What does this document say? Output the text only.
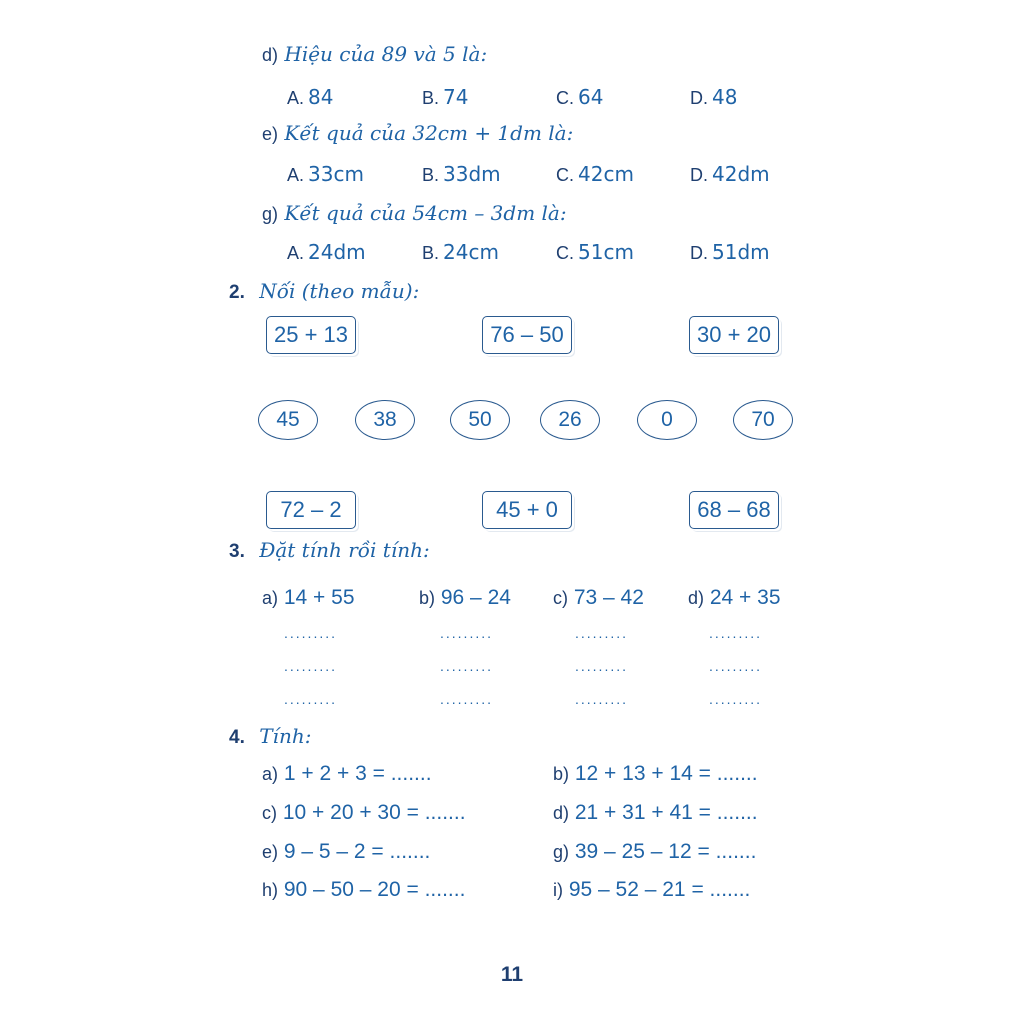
d) Hiệu của 89 và 5 là:
A. 84	B. 74	C. 64	D. 48
e) Kết quả của 32cm + 1dm là:
A. 33cm	B. 33dm	C. 42cm	D. 42dm
g) Kết quả của 54cm – 3dm là:
A. 24dm	B. 24cm	C. 51cm	D. 51dm
2. Nối (theo mẫu):
25 + 13	76 – 50	30 + 20
45	38	50	26	0	70
72 – 2	45 + 0	68 – 68
3. Đặt tính rồi tính:
a) 14 + 55	b) 96 – 24 c) 73 – 42 d) 24 + 35
.........	.........	.........	.........
.........	.........	.........	.........
.........	.........	.........	.........
4. Tính:
a) 1 + 2 + 3 = .......	b) 12 + 13 + 14 = .......
c) 10 + 20 + 30 = .......	d) 21 + 31 + 41 = .......
e) 9 – 5 – 2 = .......	g) 39 – 25 – 12 = .......
h) 90 – 50 – 20 = .......	i) 95 – 52 – 21 = .......
11
